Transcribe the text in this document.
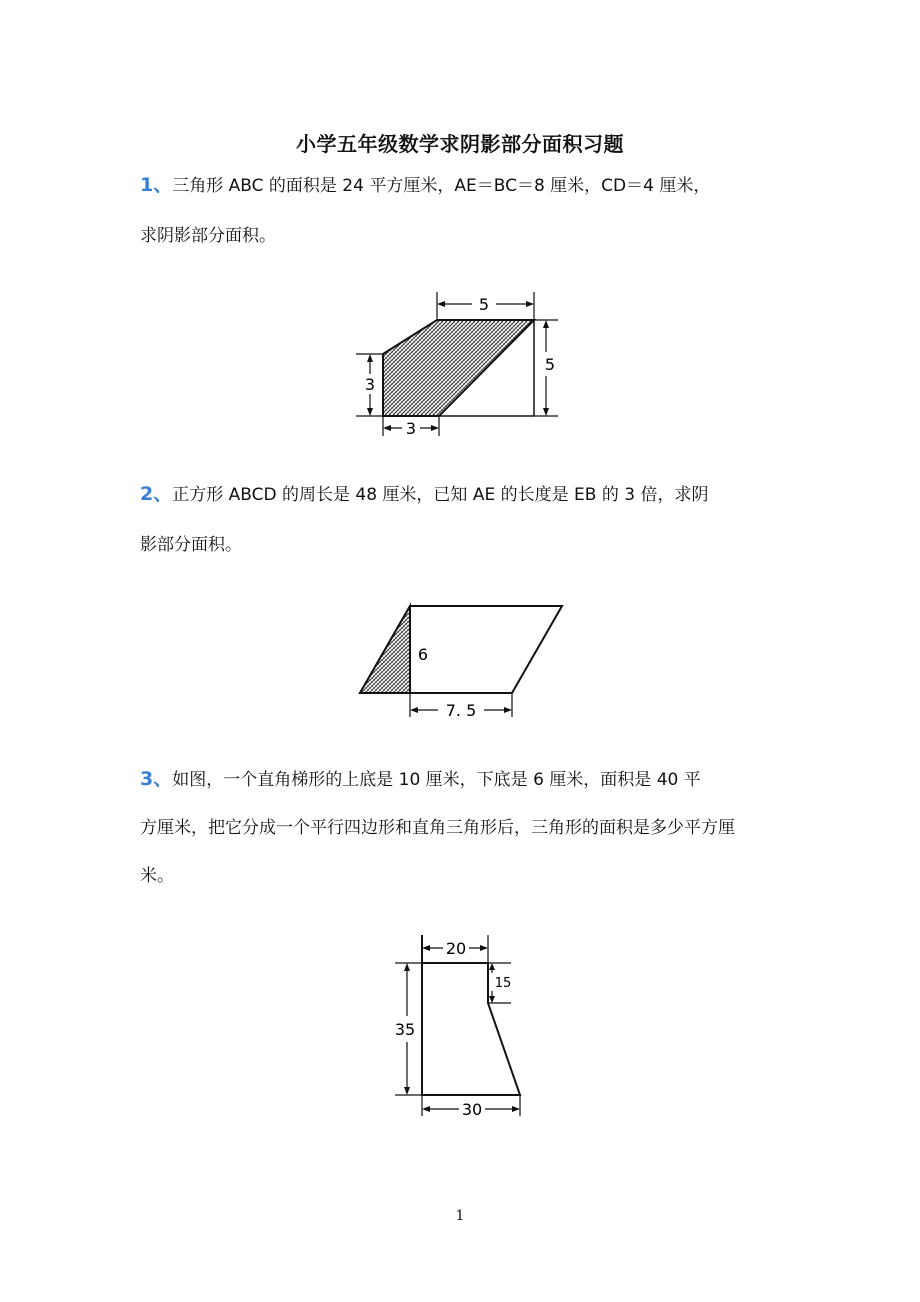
小学五年级数学求阴影部分面积习题
1、三角形 ABC 的面积是 24 平方厘米，AE＝BC＝8 厘米，CD＝4 厘米，
求阴影部分面积。
5
5
3
3
2、正方形 ABCD 的周长是 48 厘米，已知 AE 的长度是 EB 的 3 倍，求阴
影部分面积。
6
7. 5
3、如图，一个直角梯形的上底是 10 厘米，下底是 6 厘米，面积是 40 平
方厘米，把它分成一个平行四边形和直角三角形后，三角形的面积是多少平方厘
米。
20
15
35
30
1
